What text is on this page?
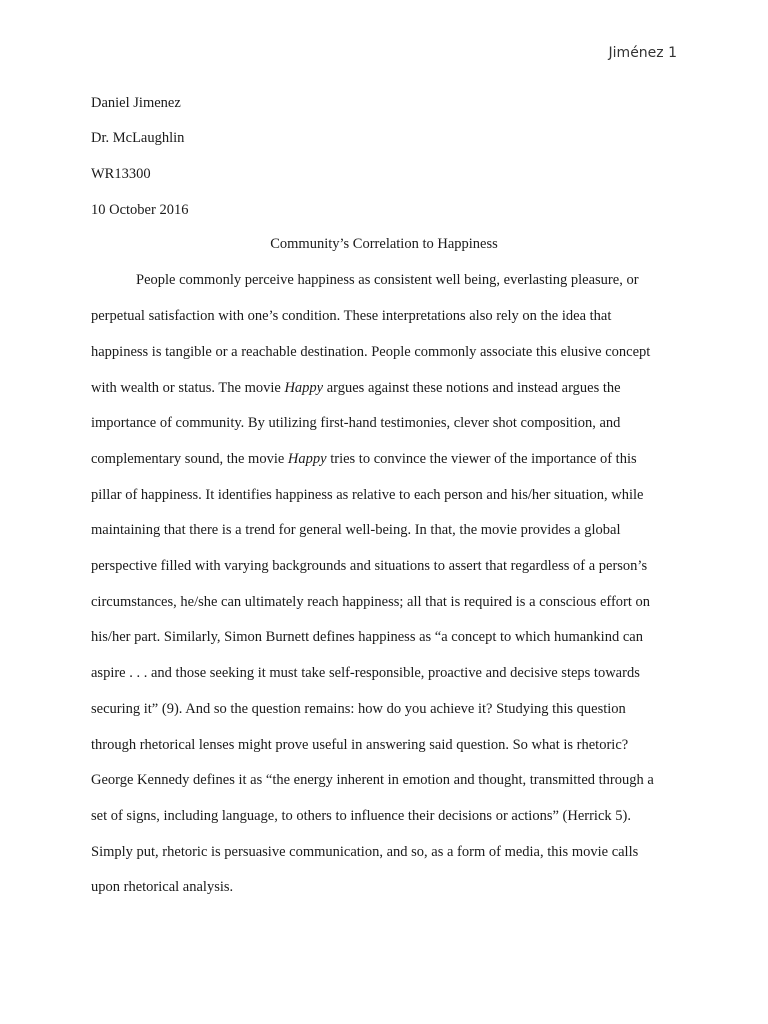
Jiménez 1
Daniel Jimenez
Dr. McLaughlin
WR13300
10 October 2016
Community’s Correlation to Happiness
People commonly perceive happiness as consistent well being, everlasting pleasure, or
perpetual satisfaction with one’s condition. These interpretations also rely on the idea that
happiness is tangible or a reachable destination. People commonly associate this elusive concept
with wealth or status. The movie Happy argues against these notions and instead argues the
importance of community. By utilizing first-hand testimonies, clever shot composition, and
complementary sound, the movie Happy tries to convince the viewer of the importance of this
pillar of happiness. It identifies happiness as relative to each person and his/her situation, while
maintaining that there is a trend for general well-being. In that, the movie provides a global
perspective filled with varying backgrounds and situations to assert that regardless of a person’s
circumstances, he/she can ultimately reach happiness; all that is required is a conscious effort on
his/her part. Similarly, Simon Burnett defines happiness as “a concept to which humankind can
aspire . . . and those seeking it must take self-responsible, proactive and decisive steps towards
securing it” (9). And so the question remains: how do you achieve it? Studying this question
through rhetorical lenses might prove useful in answering said question. So what is rhetoric?
George Kennedy defines it as “the energy inherent in emotion and thought, transmitted through a
set of signs, including language, to others to influence their decisions or actions” (Herrick 5).
Simply put, rhetoric is persuasive communication, and so, as a form of media, this movie calls
upon rhetorical analysis.
